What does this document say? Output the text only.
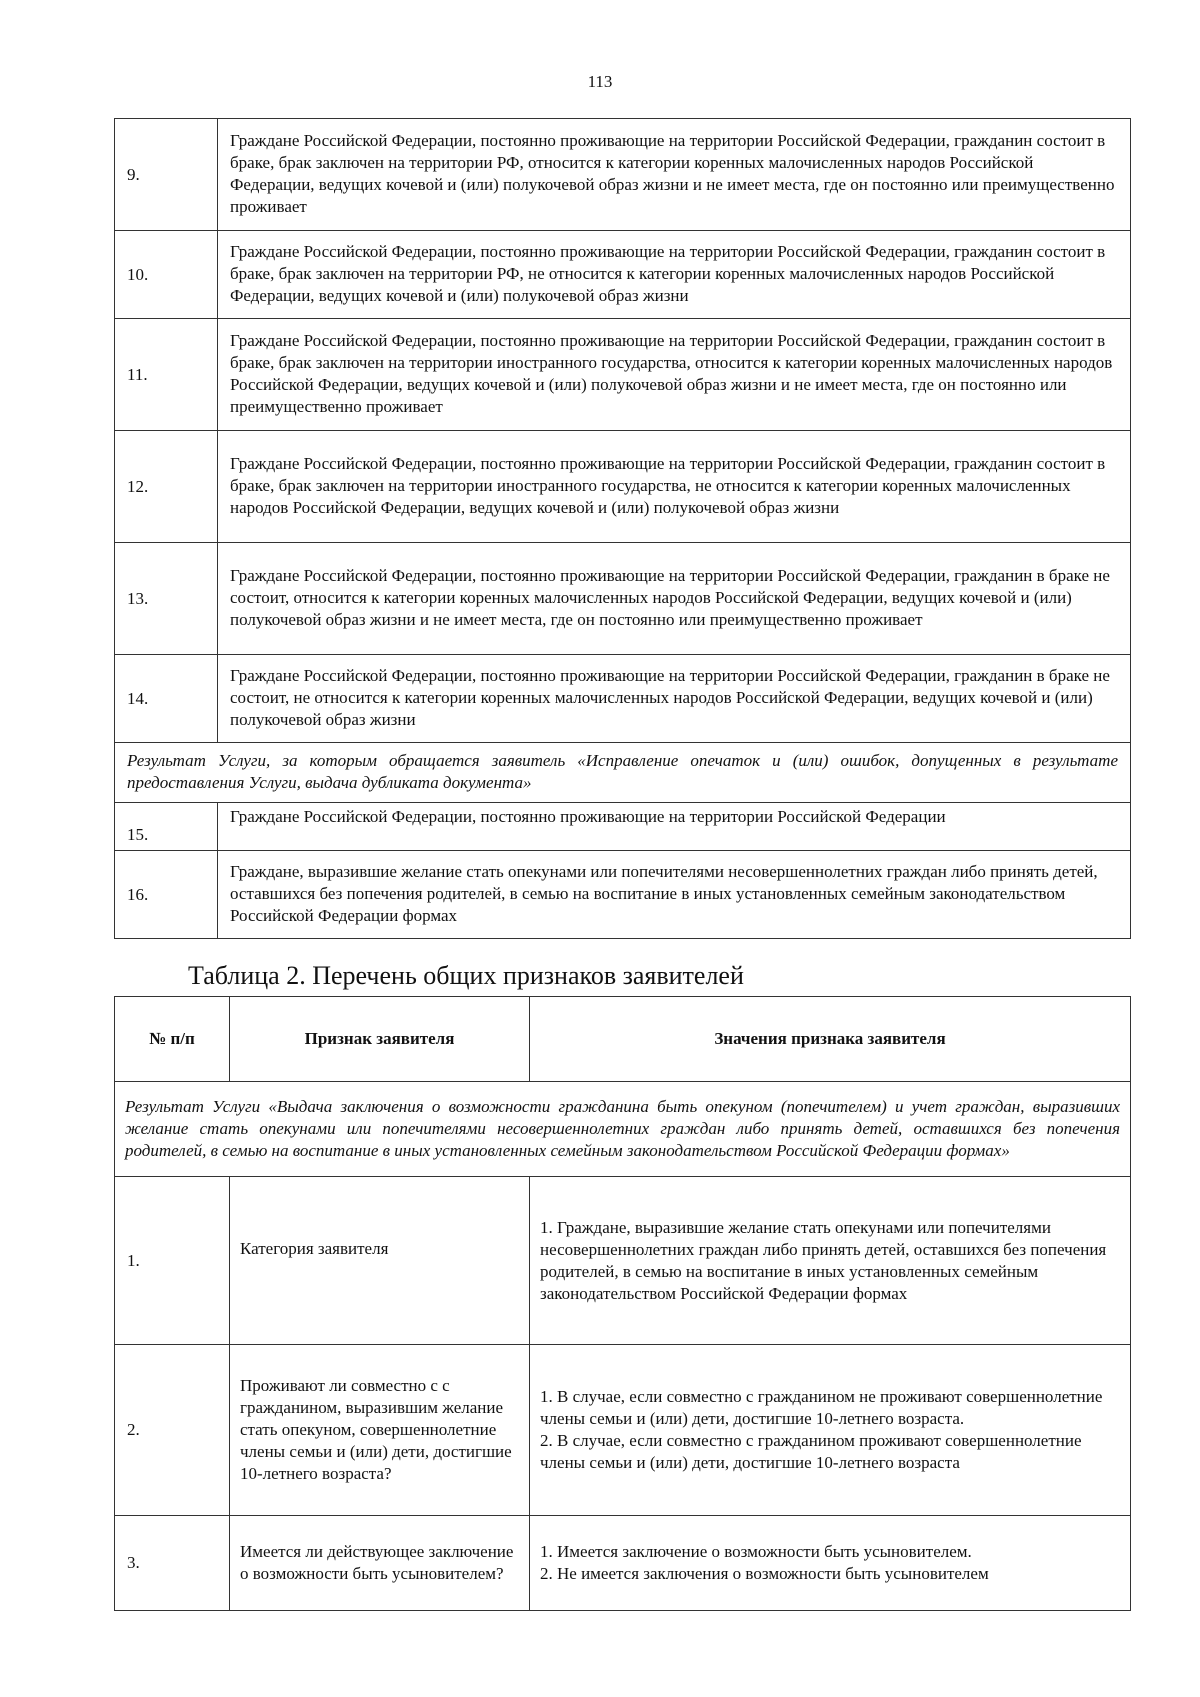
113
9.	Граждане Российской Федерации, постоянно проживающие на территории Российской Федерации, гражданин состоит в браке, брак заключен на территории РФ, относится к категории коренных малочисленных народов Российской Федерации, ведущих кочевой и (или) полукочевой образ жизни и не имеет места, где он постоянно или преимущественно проживает
10.	Граждане Российской Федерации, постоянно проживающие на территории Российской Федерации, гражданин состоит в браке, брак заключен на территории РФ, не относится к категории коренных малочисленных народов Российской Федерации, ведущих кочевой и (или) полукочевой образ жизни
11.	Граждане Российской Федерации, постоянно проживающие на территории Российской Федерации, гражданин состоит в браке, брак заключен на территории иностранного государства, относится к категории коренных малочисленных народов Российской Федерации, ведущих кочевой и (или) полукочевой образ жизни и не имеет места, где он постоянно или преимущественно проживает
12.	Граждане Российской Федерации, постоянно проживающие на территории Российской Федерации, гражданин состоит в браке, брак заключен на территории иностранного государства, не относится к категории коренных малочисленных народов Российской Федерации, ведущих кочевой и (или) полукочевой образ жизни
13.	Граждане Российской Федерации, постоянно проживающие на территории Российской Федерации, гражданин в браке не состоит, относится к категории коренных малочисленных народов Российской Федерации, ведущих кочевой и (или) полукочевой образ жизни и не имеет места, где он постоянно или преимущественно проживает
14.	Граждане Российской Федерации, постоянно проживающие на территории Российской Федерации, гражданин в браке не состоит, не относится к категории коренных малочисленных народов Российской Федерации, ведущих кочевой и (или) полукочевой образ жизни
Результат Услуги, за которым обращается заявитель «Исправление опечаток и (или) ошибок, допущенных в результате предоставления Услуги, выдача дубликата документа»	
15.	Граждане Российской Федерации, постоянно проживающие на территории Российской Федерации
16.	Граждане, выразившие желание стать опекунами или попечителями несовершеннолетних граждан либо принять детей, оставшихся без попечения родителей, в семью на воспитание в иных установленных семейным законодательством Российской Федерации формах
Таблица 2. Перечень общих признаков заявителей
№ п/п	Признак заявителя	Значения признака заявителя
Результат Услуги «Выдача заключения о возможности гражданина быть опекуном (попечителем) и учет граждан, выразивших желание стать опекунами или попечителями несовершеннолетних граждан либо принять детей, оставшихся без попечения родителей, в семью на воспитание в иных установленных семейным законодательством Российской Федерации формах»		
1.	Категория заявителя	1. Граждане, выразившие желание стать опекунами или попечителями несовершеннолетних граждан либо принять детей, оставшихся без попечения родителей, в семью на воспитание в иных установленных семейным законодательством Российской Федерации формах

2.	Проживают ли совместно с с гражданином, выразившим желание стать опекуном, совершеннолетние члены семьи и (или) дети, достигшие 10-летнего возраста?	1. В случае, если совместно с гражданином не проживают совершеннолетние члены семьи и (или) дети, достигшие 10-летнего возраста.
2. В случае, если совместно с гражданином проживают совершеннолетние члены семьи и (или) дети, достигшие 10-летнего возраста

3.	Имеется ли действующее заключение о возможности быть усыновителем?	1. Имеется заключение о возможности быть усыновителем.
2. Не имеется заключения о возможности быть усыновителем
